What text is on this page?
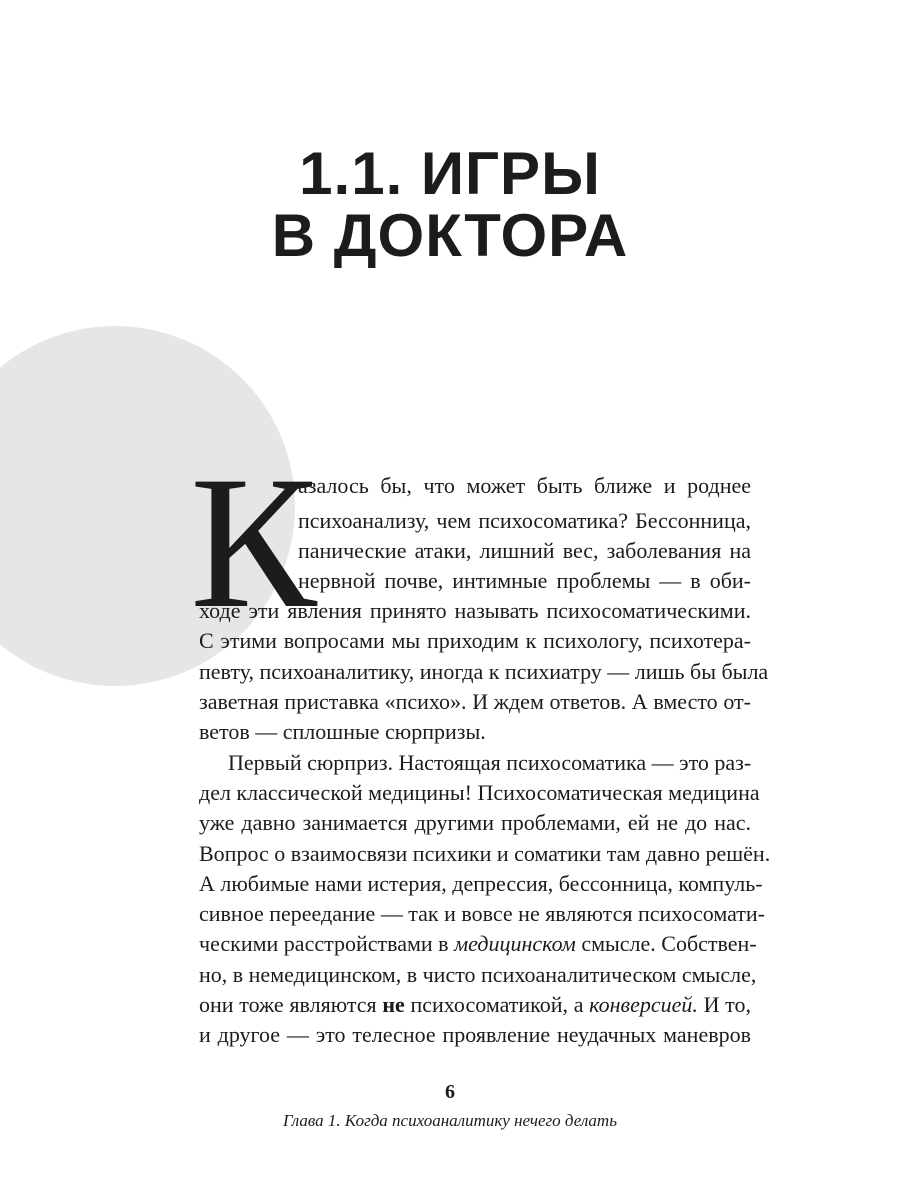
1.1. ИГРЫ
В ДОКТОРА
К
азалось бы, что может быть ближе и роднее
психоанализу, чем психосоматика? Бессонница,
панические атаки, лишний вес, заболевания на
нервной почве, интимные проблемы — в оби-
ходе эти явления принято называть психосоматическими.
С этими вопросами мы приходим к психологу, психотера-
певту, психоаналитику, иногда к психиатру — лишь бы была
заветная приставка «психо». И ждем ответов. А вместо от-
ветов — сплошные сюрпризы.
Первый сюрприз. Настоящая психосоматика — это раз-
дел классической медицины! Психосоматическая медицина
уже давно занимается другими проблемами, ей не до нас.
Вопрос о взаимосвязи психики и соматики там давно решён.
А любимые нами истерия, депрессия, бессонница, компуль-
сивное переедание — так и вовсе не являются психосомати-
ческими расстройствами в медицинском смысле. Собствен-
но, в немедицинском, в чисто психоаналитическом смысле,
они тоже являются не психосоматикой, а конверсией. И то,
и другое — это телесное проявление неудачных маневров
6
Глава 1. Когда психоаналитику нечего делать
